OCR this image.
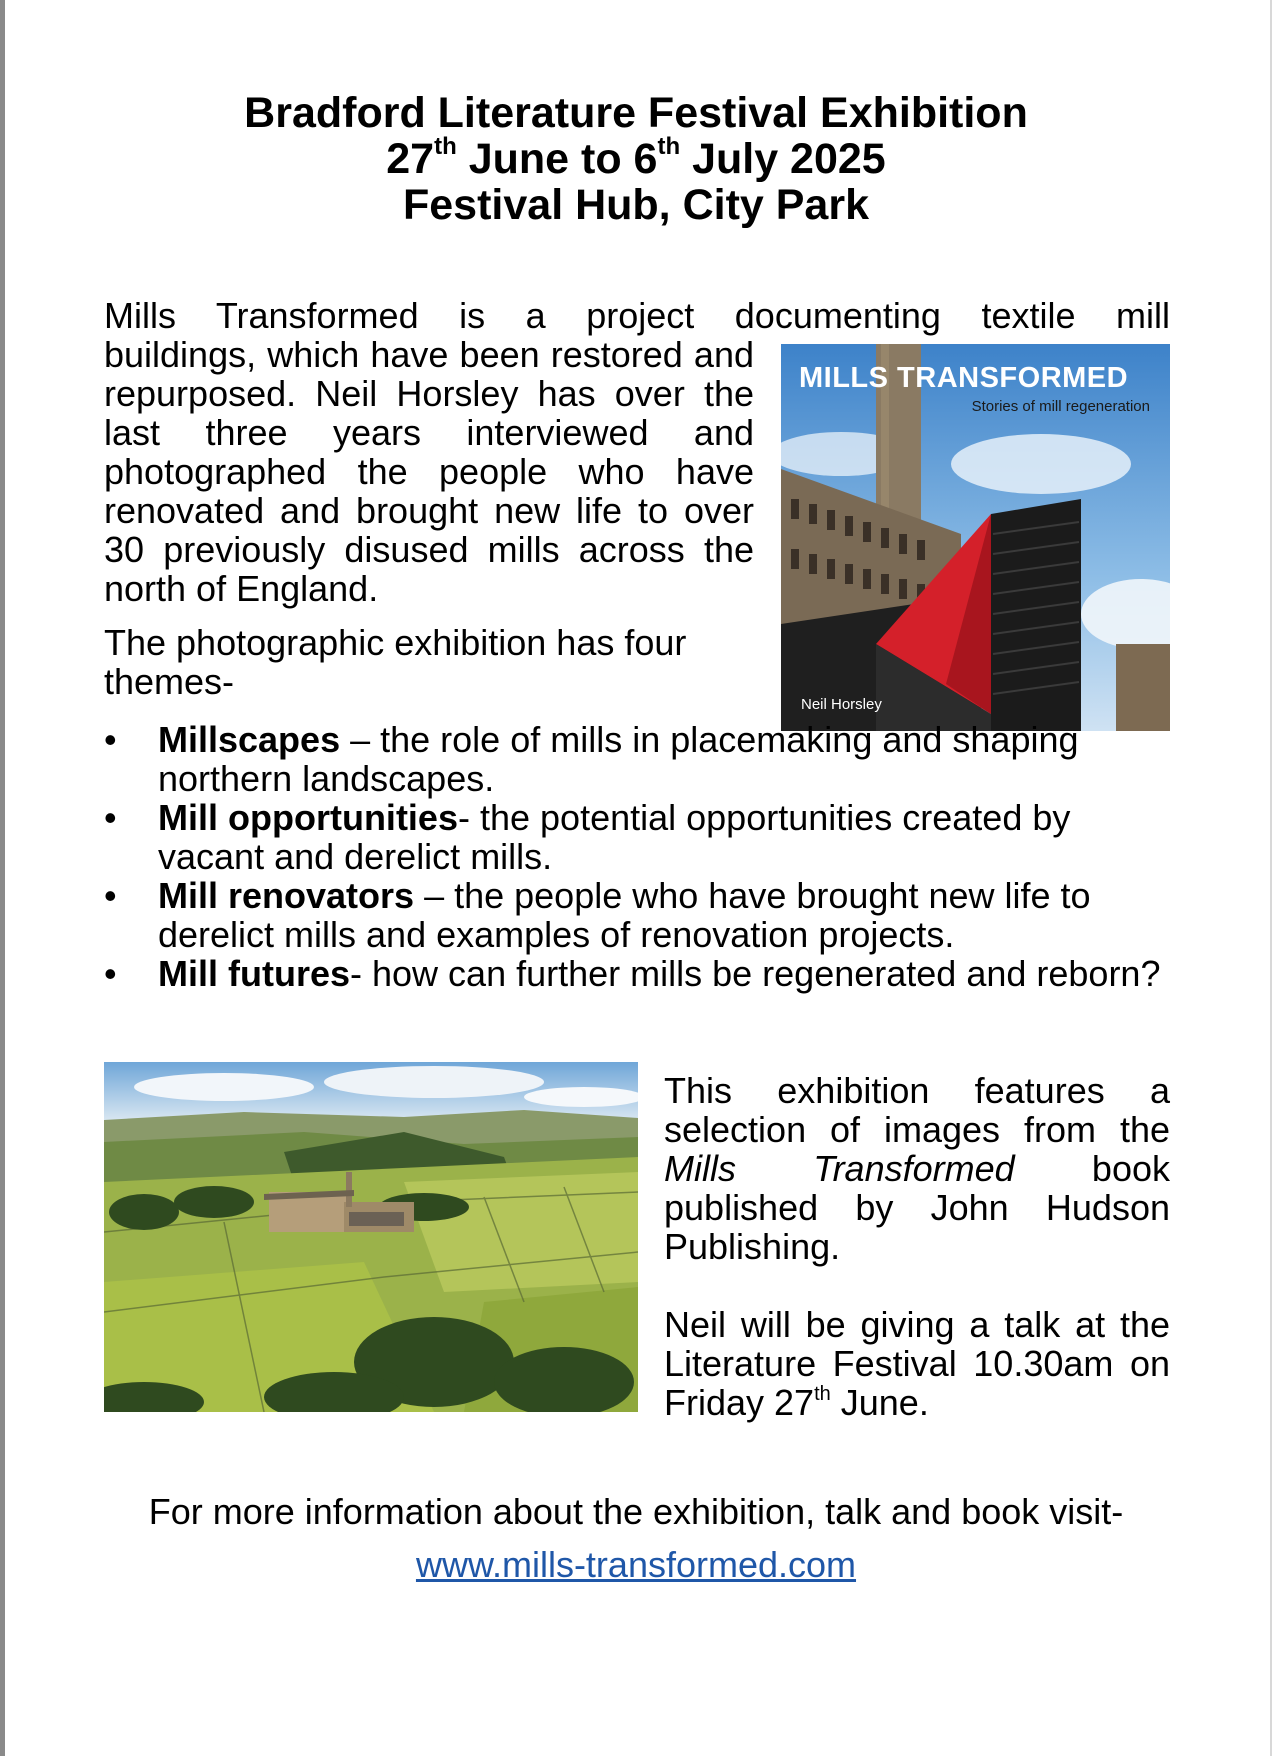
Bradford Literature Festival Exhibition
27th June to 6th July 2025
Festival Hub, City Park
Mills Transformed is a project documenting textile mill
buildings, which have been restored and repurposed. Neil Horsley has over the last three years interviewed and photographed the people who have renovated and brought new life to over 30 previously disused mills across the north of England.
The photographic exhibition has four themes-
MILLS TRANSFORMED
Stories of mill regeneration
Neil Horsley

•	Millscapes – the role of mills in placemaking and shaping northern landscapes.

•	Mill opportunities- the potential opportunities created by vacant and derelict mills.

•	Mill renovators – the people who have brought new life to derelict mills and examples of renovation projects.

•	Mill futures- how can further mills be regenerated and reborn?

This exhibition features a selection of images from the Mills Transformed book published by John Hudson Publishing.

Neil will be giving a talk at the Literature Festival 10.30am on Friday 27th June.

For more information about the exhibition, talk and book visit-
www.mills-transformed.com
